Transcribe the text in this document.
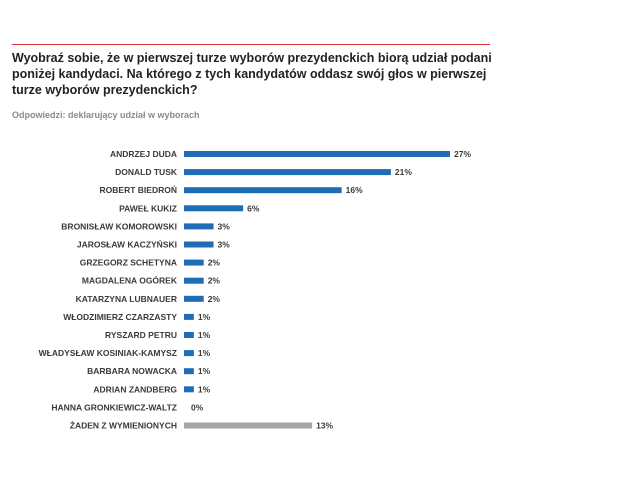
Wyobraź sobie, że w pierwszej turze wyborów prezydenckich biorą udział podani poniżej kandydaci. Na którego z tych kandydatów oddasz swój głos w pierwszej turze wyborów prezydenckich?
Odpowiedzi: deklarujący udział w wyborach
ANDRZEJ DUDA	27%
DONALD TUSK	21%
ROBERT BIEDROŃ	16%
PAWEŁ KUKIZ	6%
BRONISŁAW KOMOROWSKI	3%
JAROSŁAW KACZYŃSKI	3%
GRZEGORZ SCHETYNA	2%
MAGDALENA OGÓREK	2%
KATARZYNA LUBNAUER	2%
WŁODZIMIERZ CZARZASTY 1%
RYSZARD PETRU 1%
WŁADYSŁAW KOSINIAK-KAMYSZ 1%
BARBARA NOWACKA 1%
ADRIAN ZANDBERG 1%
HANNA GRONKIEWICZ-WALTZ 0%
ŻADEN Z WYMIENIONYCH	13%
